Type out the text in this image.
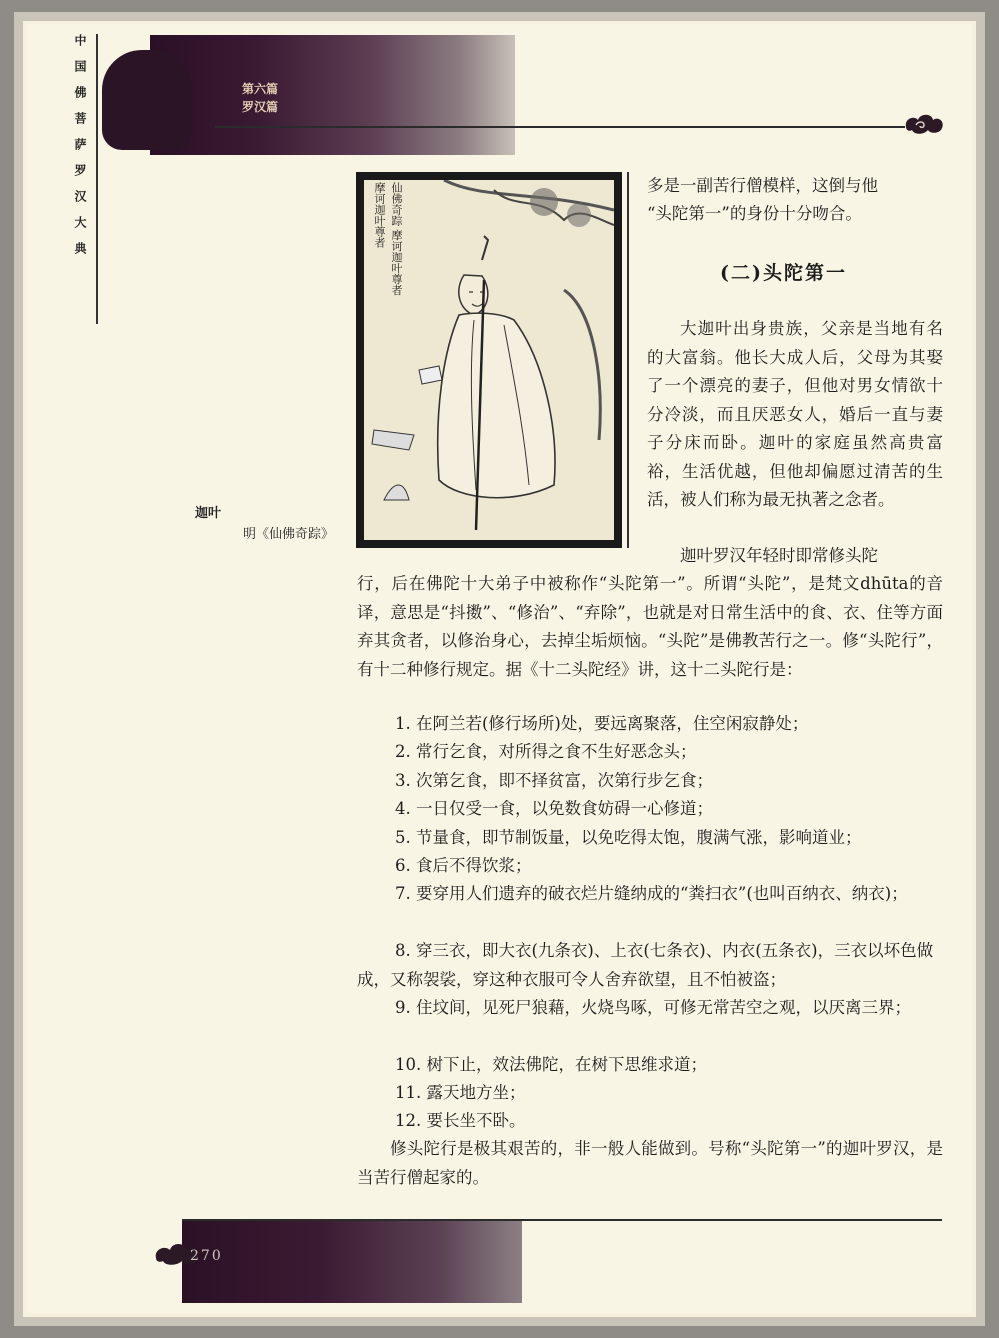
中国佛菩萨罗汉大典	第六篇
罗汉篇
摩诃迦叶尊者 仙佛奇踪 摩诃迦叶尊者
迦叶
明《仙佛奇踪》

多是一副苦行僧模样，这倒与他

“头陀第一”的身份十分吻合。

(二)头陀第一

大迦叶出身贵族，父亲是当地有名的大富翁。他长大成人后，父母为其娶了一个漂亮的妻子，但他对男女情欲十分冷淡，而且厌恶女人，婚后一直与妻子分床而卧。迦叶的家庭虽然高贵富裕，生活优越，但他却偏愿过清苦的生活，被人们称为最无执著之念者。

迦叶罗汉年轻时即常修头陀

行，后在佛陀十大弟子中被称作“头陀第一”。所谓“头陀”，是梵文dhūta的音译，意思是“抖擞”、“修治”、“弃除”，也就是对日常生活中的食、衣、住等方面弃其贪者，以修治身心，去掉尘垢烦恼。“头陀”是佛教苦行之一。修“头陀行”，有十二种修行规定。据《十二头陀经》讲，这十二头陀行是：

1. 在阿兰若(修行场所)处，要远离聚落，住空闲寂静处；
2. 常行乞食，对所得之食不生好恶念头；
3. 次第乞食，即不择贫富，次第行步乞食；
4. 一日仅受一食，以免数食妨碍一心修道；
5. 节量食，即节制饭量，以免吃得太饱，腹满气涨，影响道业；
6. 食后不得饮浆；
7. 要穿用人们遗弃的破衣烂片缝纳成的“粪扫衣”(也叫百纳衣、纳衣)；
8. 穿三衣，即大衣(九条衣)、上衣(七条衣)、内衣(五条衣)，三衣以坏色做成，又称袈裟，穿这种衣服可令人舍弃欲望，且不怕被盗；
9. 住坟间，见死尸狼藉，火烧鸟啄，可修无常苦空之观，以厌离三界；
10. 树下止，效法佛陀，在树下思维求道；
11. 露天地方坐；
12. 要长坐不卧。

修头陀行是极其艰苦的，非一般人能做到。号称“头陀第一”的迦叶罗汉，是当苦行僧起家的。

270
